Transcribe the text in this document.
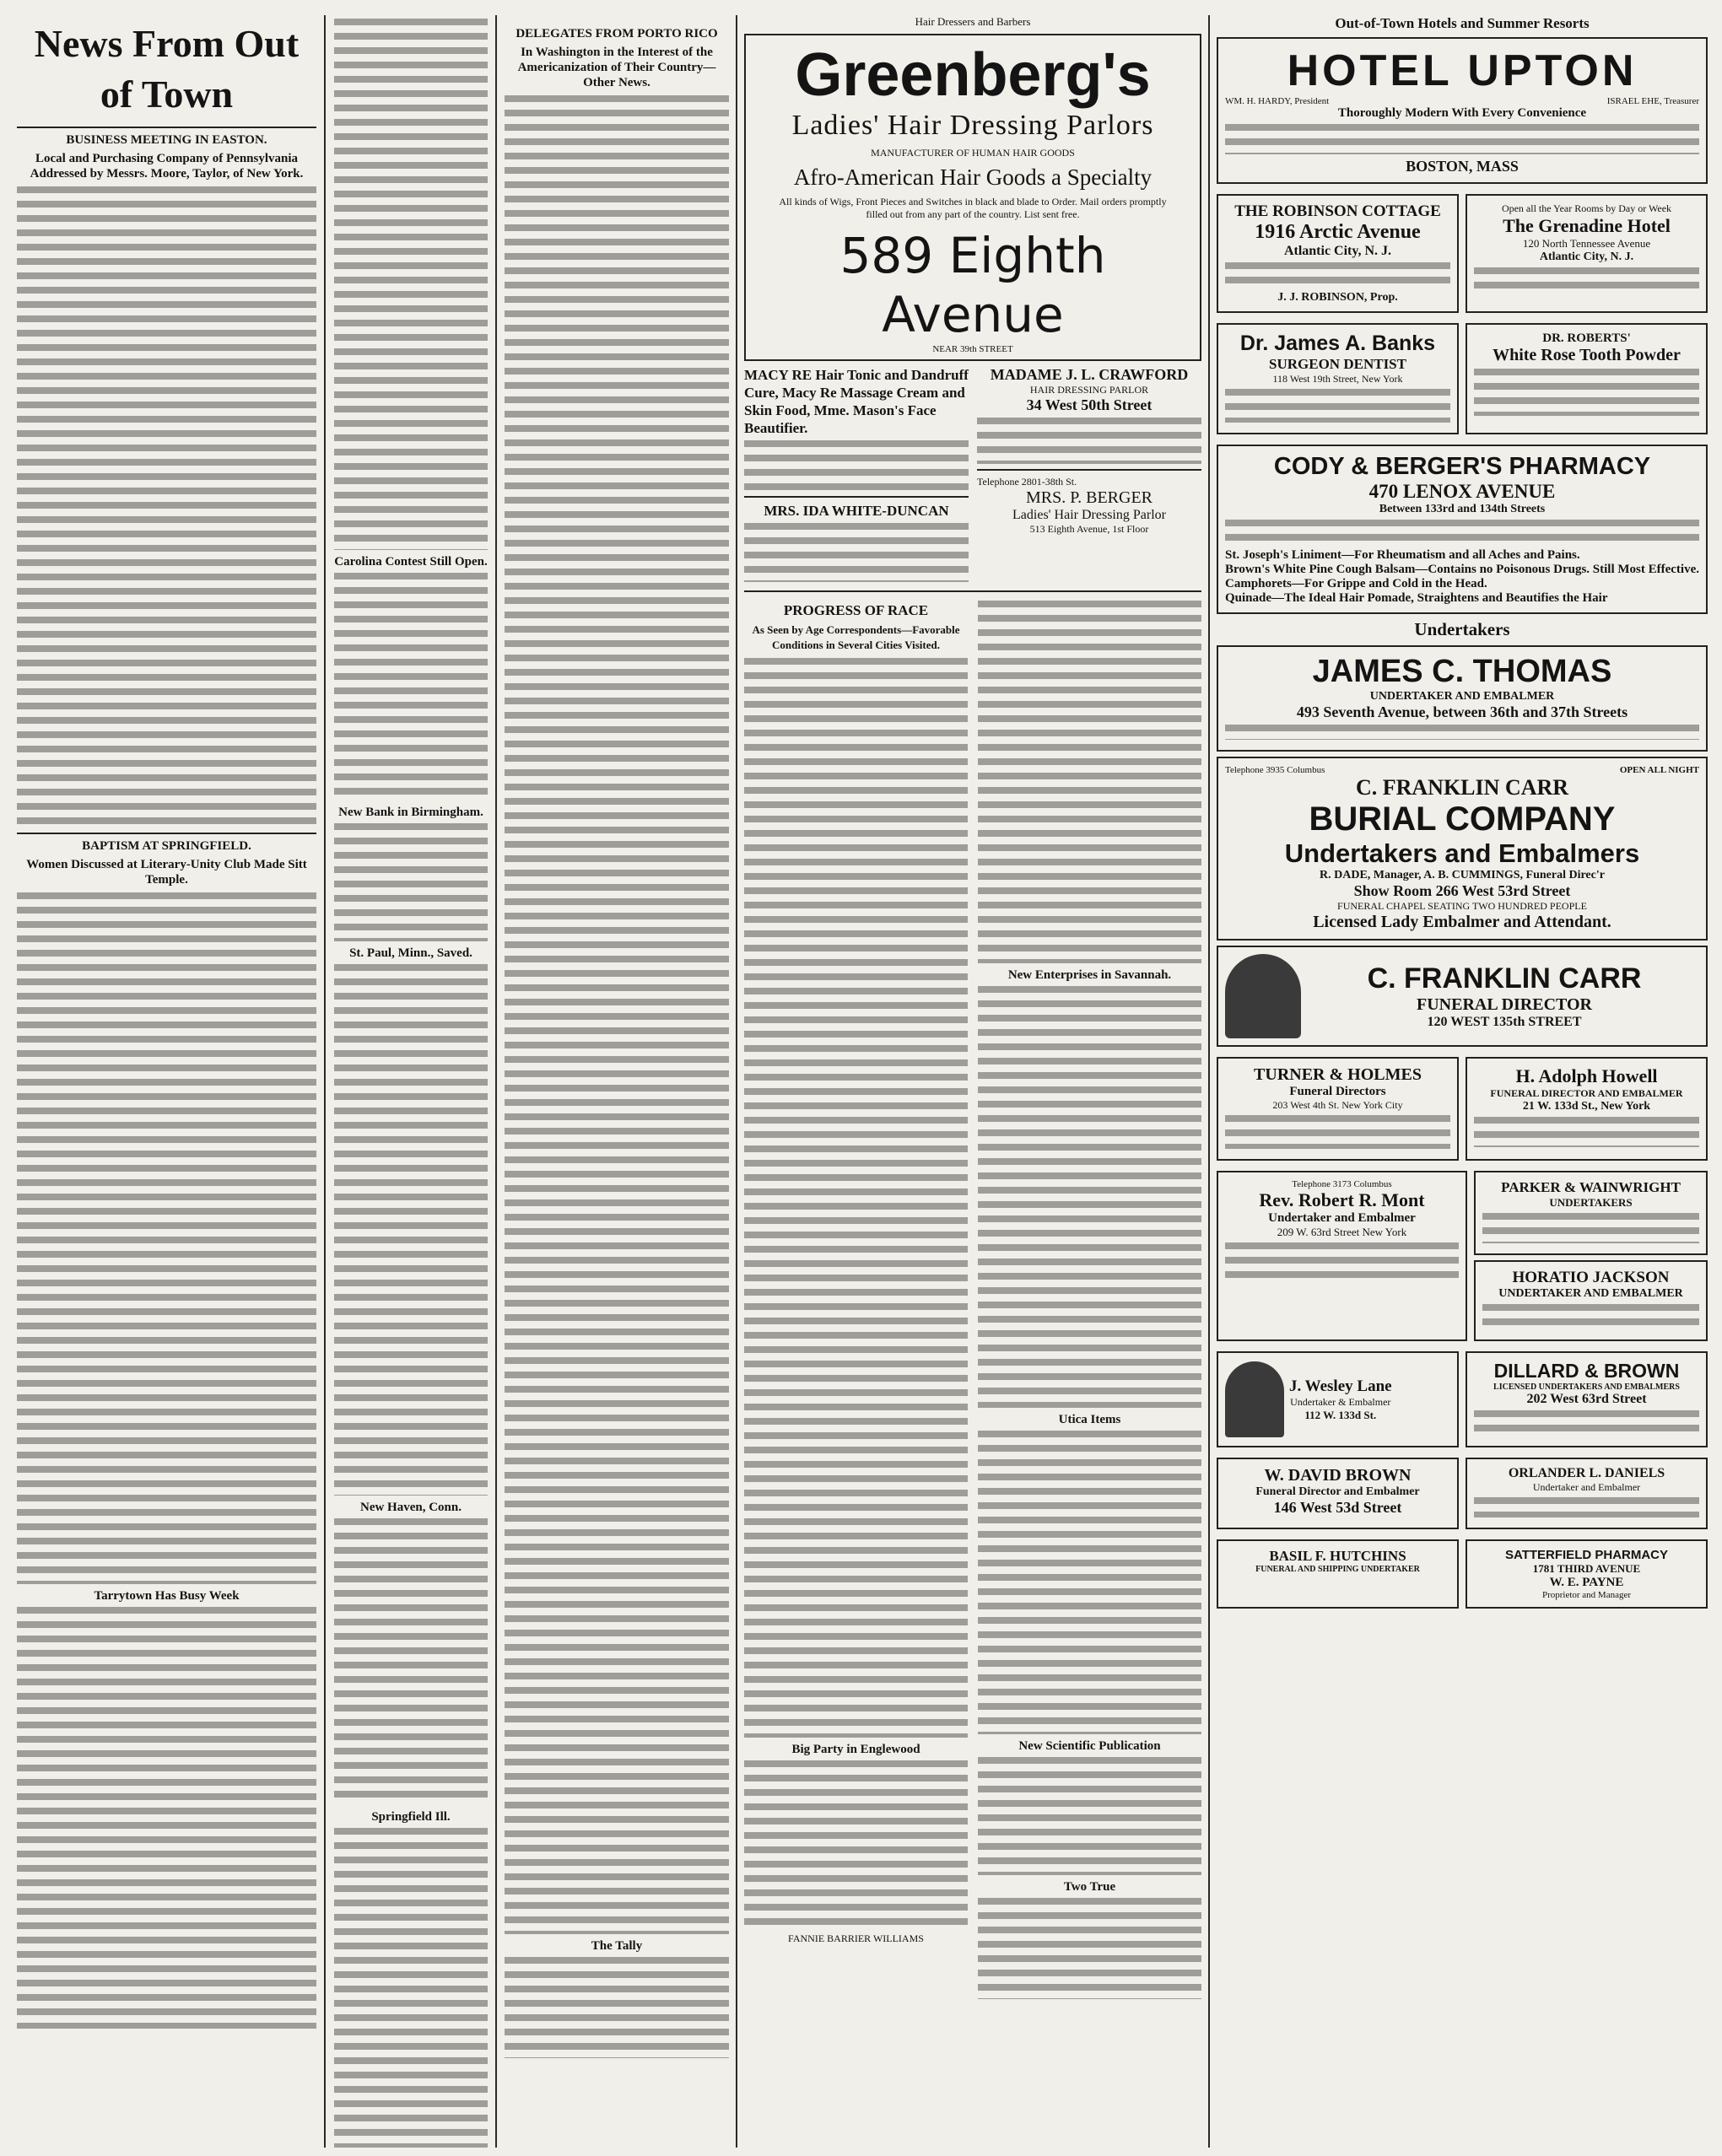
News From Out of Town
BUSINESS MEETING IN EASTON.

Local and Purchasing Company of Pennsylvania Addressed by Messrs. Moore, Taylor, of New York.

BAPTISM AT SPRINGFIELD.

Women Discussed at Literary-Unity Club Made Sitt Temple.

Tarrytown Has Busy Week
Carolina Contest Still Open.
New Bank in Birmingham.
St. Paul, Minn., Saved.
New Haven, Conn.
Springfield Ill.
DELEGATES FROM PORTO RICO

In Washington in the Interest of the Americanization of Their Country—Other News.

The Tally
Hair Dressers and Barbers
Greenberg's
Ladies' Hair Dressing Parlors
MANUFACTURER OF HUMAN HAIR GOODS
Afro-American Hair Goods a Specialty
All kinds of Wigs, Front Pieces and Switches in black and blade to Order. Mail orders promptly filled out from any part of the country. List sent free.
589 Eighth Avenue
NEAR 39th STREET
MACY RE Hair Tonic and Dandruff Cure, Macy Re Massage Cream and Skin Food, Mme. Mason's Face Beautifier.
MRS. IDA WHITE-DUNCAN
MADAME J. L. CRAWFORD
HAIR DRESSING PARLOR
34 West 50th Street
Telephone 2801-38th St.
MRS. P. BERGER
Ladies' Hair Dressing Parlor
513 Eighth Avenue, 1st Floor
PROGRESS OF RACE

As Seen by Age Correspondents—Favorable Conditions in Several Cities Visited.

Big Party in Englewood
FANNIE BARRIER WILLIAMS
New Enterprises in Savannah.
Utica Items
New Scientific Publication
Two True
Out-of-Town Hotels and Summer Resorts
HOTEL UPTON
WM. H. HARDY, President	ISRAEL EHE, Treasurer
Thoroughly Modern With Every Convenience
BOSTON, MASS
THE ROBINSON COTTAGE
1916 Arctic Avenue
Atlantic City, N. J.
J. J. ROBINSON, Prop.
Open all the Year Rooms by Day or Week
The Grenadine Hotel
120 North Tennessee Avenue
Atlantic City, N. J.
Dr. James A. Banks
SURGEON DENTIST
118 West 19th Street, New York
DR. ROBERTS'
White Rose Tooth Powder
CODY & BERGER'S PHARMACY
470 LENOX AVENUE
Between 133rd and 134th Streets
St. Joseph's Liniment—For Rheumatism and all Aches and Pains.
Brown's White Pine Cough Balsam—Contains no Poisonous Drugs. Still Most Effective.
Camphorets—For Grippe and Cold in the Head.
Quinade—The Ideal Hair Pomade, Straightens and Beautifies the Hair
Undertakers
JAMES C. THOMAS
UNDERTAKER AND EMBALMER
493 Seventh Avenue, between 36th and 37th Streets
Telephone 3935 Columbus	OPEN ALL NIGHT
C. FRANKLIN CARR
BURIAL COMPANY
Undertakers and Embalmers
R. DADE, Manager, A. B. CUMMINGS, Funeral Direc'r
Show Room 266 West 53rd Street
FUNERAL CHAPEL SEATING TWO HUNDRED PEOPLE
Licensed Lady Embalmer and Attendant.
C. FRANKLIN CARR
FUNERAL DIRECTOR
120 WEST 135th STREET
TURNER & HOLMES
Funeral Directors
203 West 4th St. New York City
H. Adolph Howell
FUNERAL DIRECTOR AND EMBALMER
21 W. 133d St., New York
Telephone 3173 Columbus
Rev. Robert R. Mont
Undertaker and Embalmer
209 W. 63rd Street New York
PARKER & WAINWRIGHT
UNDERTAKERS
HORATIO JACKSON
UNDERTAKER AND EMBALMER
J. Wesley Lane
Undertaker & Embalmer
112 W. 133d St.
DILLARD & BROWN
LICENSED UNDERTAKERS AND EMBALMERS
202 West 63rd Street
W. DAVID BROWN
Funeral Director and Embalmer
146 West 53d Street
ORLANDER L. DANIELS
Undertaker and Embalmer
BASIL F. HUTCHINS
FUNERAL AND SHIPPING UNDERTAKER
SATTERFIELD PHARMACY
1781 THIRD AVENUE
W. E. PAYNE
Proprietor and Manager
